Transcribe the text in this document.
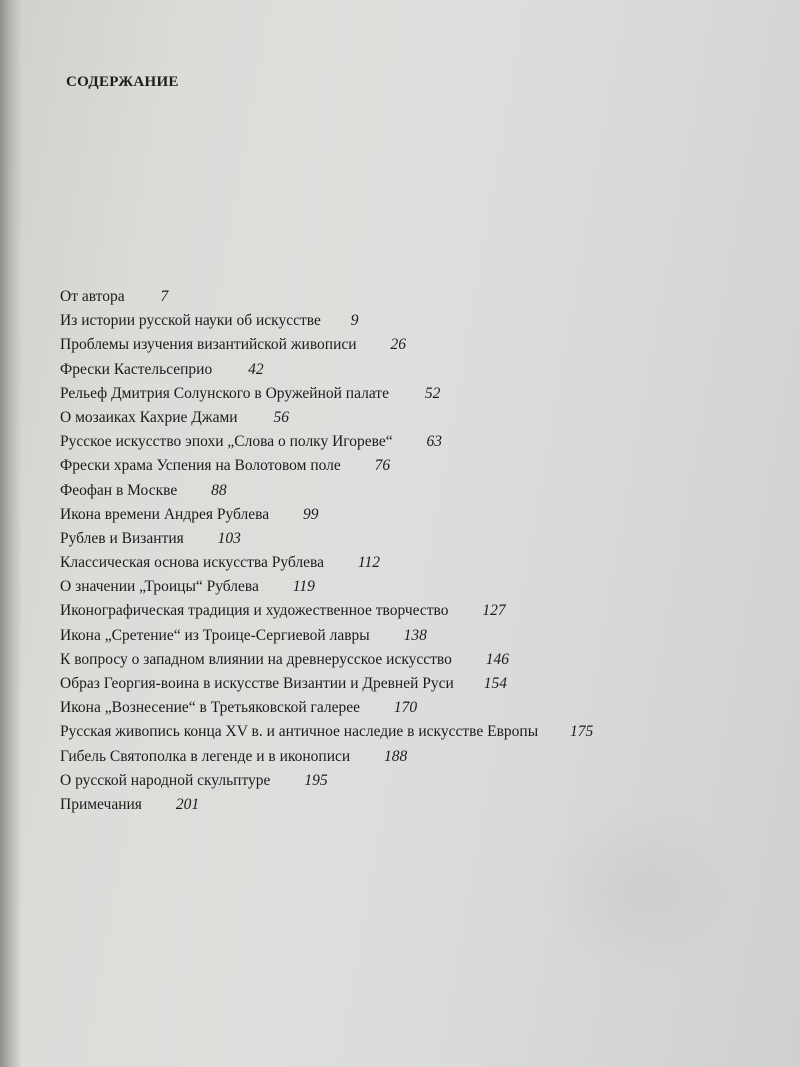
СОДЕРЖАНИЕ
От автора 7
Из истории русской науки об искусстве 9
Проблемы изучения византийской живописи 26
Фрески Кастельсеприо 42
Рельеф Дмитрия Солунского в Оружейной палате 52
О мозаиках Кахрие Джами 56
Русское искусство эпохи „Слова о полку Игореве“ 63
Фрески храма Успения на Волотовом поле 76
Феофан в Москве 88
Икона времени Андрея Рублева 99
Рублев и Византия 103
Классическая основа искусства Рублева 112
О значении „Троицы“ Рублева 119
Иконографическая традиция и художественное творчество 127
Икона „Сретение“ из Троице-Сергиевой лавры 138
К вопросу о западном влиянии на древнерусское искусство 146
Образ Георгия-воина в искусстве Византии и Древней Руси 154
Икона „Вознесение“ в Третьяковской галерее 170
Русская живопись конца XV в. и античное наследие в искусстве Европы 175
Гибель Святополка в легенде и в иконописи 188
О русской народной скульптуре 195
Примечания 201
